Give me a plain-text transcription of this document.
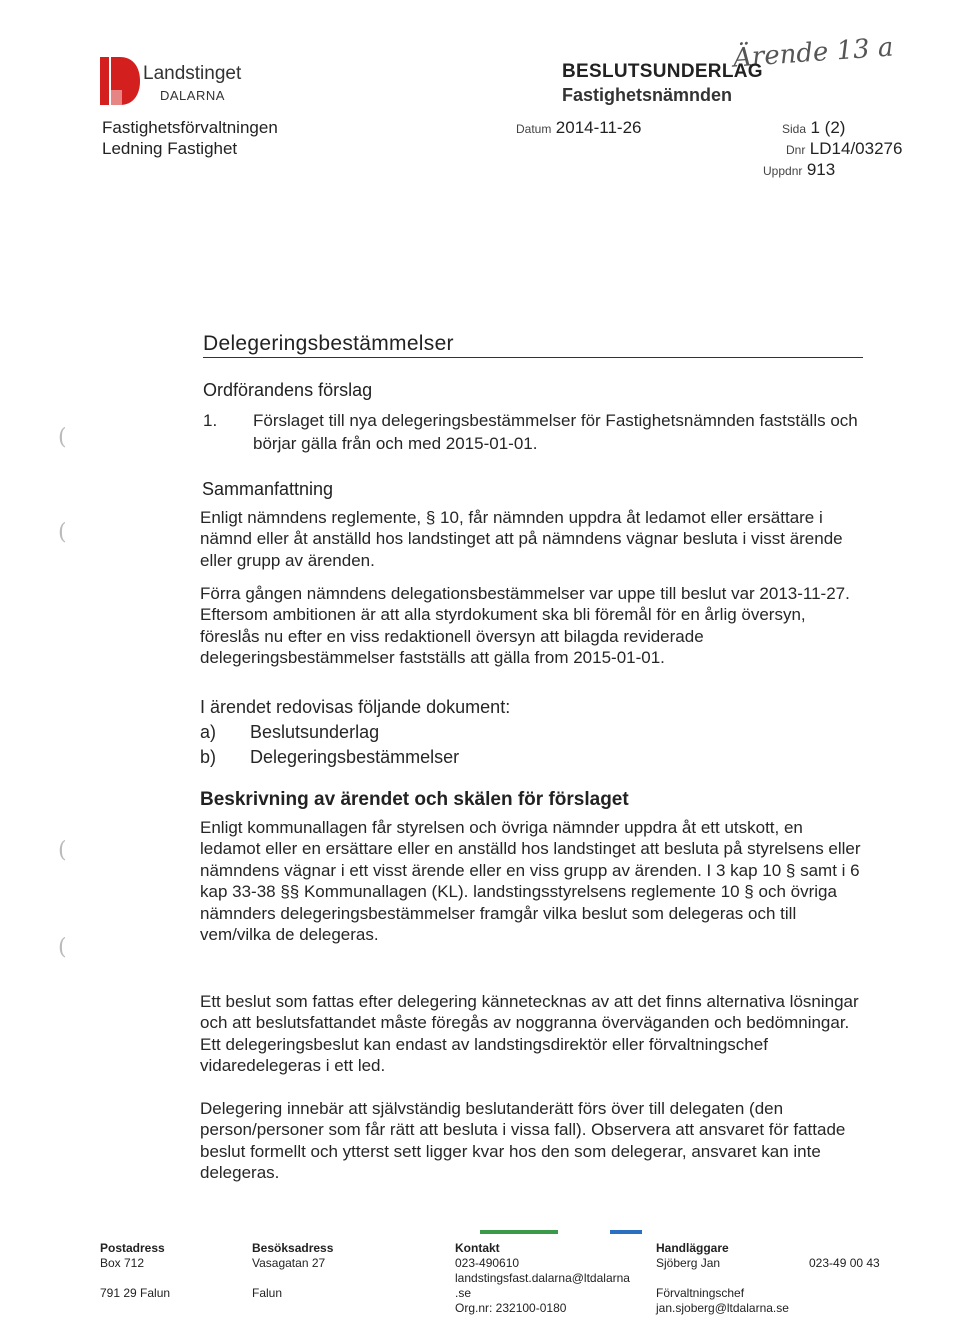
Landstinget
DALARNA
Fastighetsförvaltningen
Ledning Fastighet
Ärende 13 a
BESLUTSUNDERLAG
Fastighetsnämnden
Datum 2014-11-26	Sida 1 (2)
Dnr LD14/03276
Uppdnr 913
(
(
(
(
Delegeringsbestämmelser
Ordförandens förslag
1. Förslaget till nya delegeringsbestämmelser för Fastighetsnämnden fastställs och börjar gälla från och med 2015-01-01.
Sammanfattning
Enligt nämndens reglemente, § 10, får nämnden uppdra åt ledamot eller ersättare i nämnd eller åt anställd hos landstinget att på nämndens vägnar besluta i visst ärende eller grupp av ärenden.
Förra gången nämndens delegationsbestämmelser var uppe till beslut var 2013-11-27. Eftersom ambitionen är att alla styrdokument ska bli föremål för en årlig översyn, föreslås nu efter en viss redaktionell översyn att bilagda reviderade delegeringsbestämmelser fastställs att gälla from 2015-01-01.
I ärendet redovisas följande dokument:
a) Beslutsunderlag
b) Delegeringsbestämmelser
Beskrivning av ärendet och skälen för förslaget
Enligt kommunallagen får styrelsen och övriga nämnder uppdra åt ett utskott, en ledamot eller en ersättare eller en anställd hos landstinget att besluta på styrelsens eller nämndens vägnar i ett visst ärende eller en viss grupp av ärenden. I 3 kap 10 § samt i 6 kap 33-38 §§ Kommunallagen (KL). landstingsstyrelsens reglemente 10 § och övriga nämnders delegeringsbestämmelser framgår vilka beslut som delegeras och till vem/vilka de delegeras.
Ett beslut som fattas efter delegering kännetecknas av att det finns alternativa lösningar och att beslutsfattandet måste föregås av noggranna överväganden och bedömningar. Ett delegeringsbeslut kan endast av landstingsdirektör eller förvaltningschef vidaredelegeras i ett led.
Delegering innebär att självständig beslutanderätt förs över till delegaten (den person/personer som får rätt att besluta i vissa fall). Observera att ansvaret för fattade beslut formellt och ytterst sett ligger kvar hos den som delegerar, ansvaret kan inte delegeras.
Postadress
Box 712
791 29 Falun
Besöksadress
Vasagatan 27
Falun
Kontakt
023-490610
landstingsfast.dalarna@ltdalarna
.se
Org.nr: 232100-0180
Handläggare
Sjöberg Jan
Förvaltningschef
jan.sjoberg@ltdalarna.se
023-49 00 43
